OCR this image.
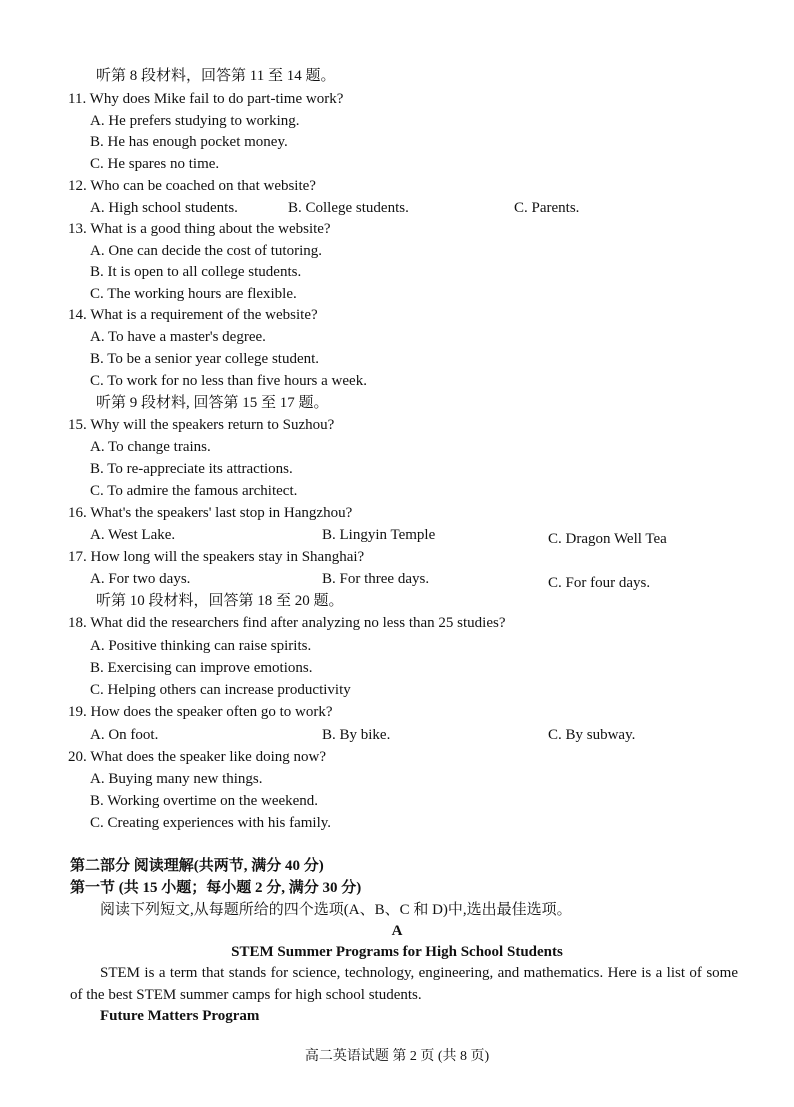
听第 8 段材料，回答第 11 至 14 题。
11. Why does Mike fail to do part-time work?
A. He prefers studying to working.
B. He has enough pocket money.
C. He spares no time.
12. Who can be coached on that website?
A. High school students.	B. College students.	C. Parents.
13. What is a good thing about the website?
A. One can decide the cost of tutoring.
B. It is open to all college students.
C. The working hours are flexible.
14. What is a requirement of the website?
A. To have a master's degree.
B. To be a senior year college student.
C. To work for no less than five hours a week.
听第 9 段材料, 回答第 15 至 17 题。
15. Why will the speakers return to Suzhou?
A. To change trains.
B. To re-appreciate its attractions.
C. To admire the famous architect.
16. What's the speakers' last stop in Hangzhou?
A. West Lake.	B. Lingyin Temple	C. Dragon Well Tea
17. How long will the speakers stay in Shanghai?
A. For two days.	B. For three days.	C. For four days.
听第 10 段材料，回答第 18 至 20 题。
18. What did the researchers find after analyzing no less than 25 studies?
A. Positive thinking can raise spirits.
B. Exercising can improve emotions.
C. Helping others can increase productivity
19. How does the speaker often go to work?
A. On foot.	B. By bike.	C. By subway.
20. What does the speaker like doing now?
A. Buying many new things.
B. Working overtime on the weekend.
C. Creating experiences with his family.
第二部分 阅读理解(共两节, 满分 40 分)
第一节 (共 15 小题；每小题 2 分, 满分 30 分)
阅读下列短文,从每题所给的四个选项(A、B、C 和 D)中,选出最佳选项。
A
STEM Summer Programs for High School Students
STEM is a term that stands for science, technology, engineering, and mathematics. Here is a list of some of the best STEM summer camps for high school students.
Future Matters Program
高二英语试题 第 2 页 (共 8 页)
